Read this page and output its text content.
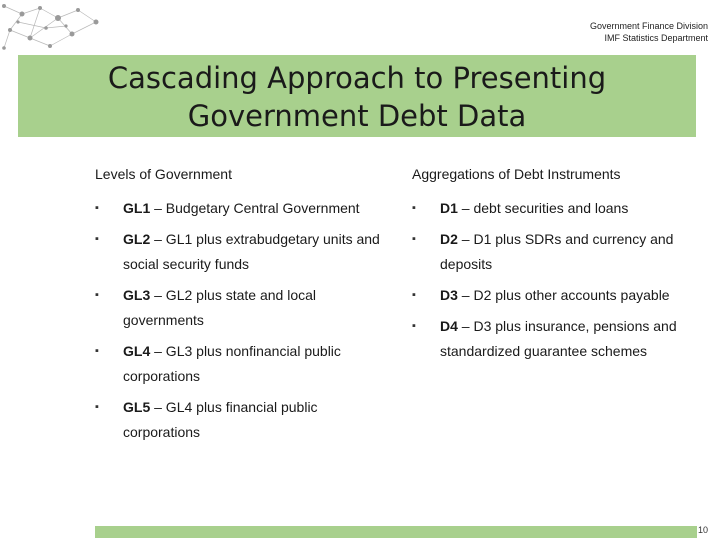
Government Finance Division
IMF Statistics Department
Cascading Approach to Presenting
Government Debt Data
Levels of Government
▪ GL1 – Budgetary Central Government
▪ GL2 – GL1 plus extrabudgetary units and social security funds
▪ GL3 – GL2 plus state and local governments
▪ GL4 – GL3 plus nonfinancial public corporations
▪ GL5 – GL4 plus financial public corporations
Aggregations of Debt Instruments
▪ D1 – debt securities and loans
▪ D2 – D1 plus SDRs and currency and deposits
▪ D3 – D2 plus other accounts payable
▪ D4 – D3 plus insurance, pensions and standardized guarantee schemes
10
